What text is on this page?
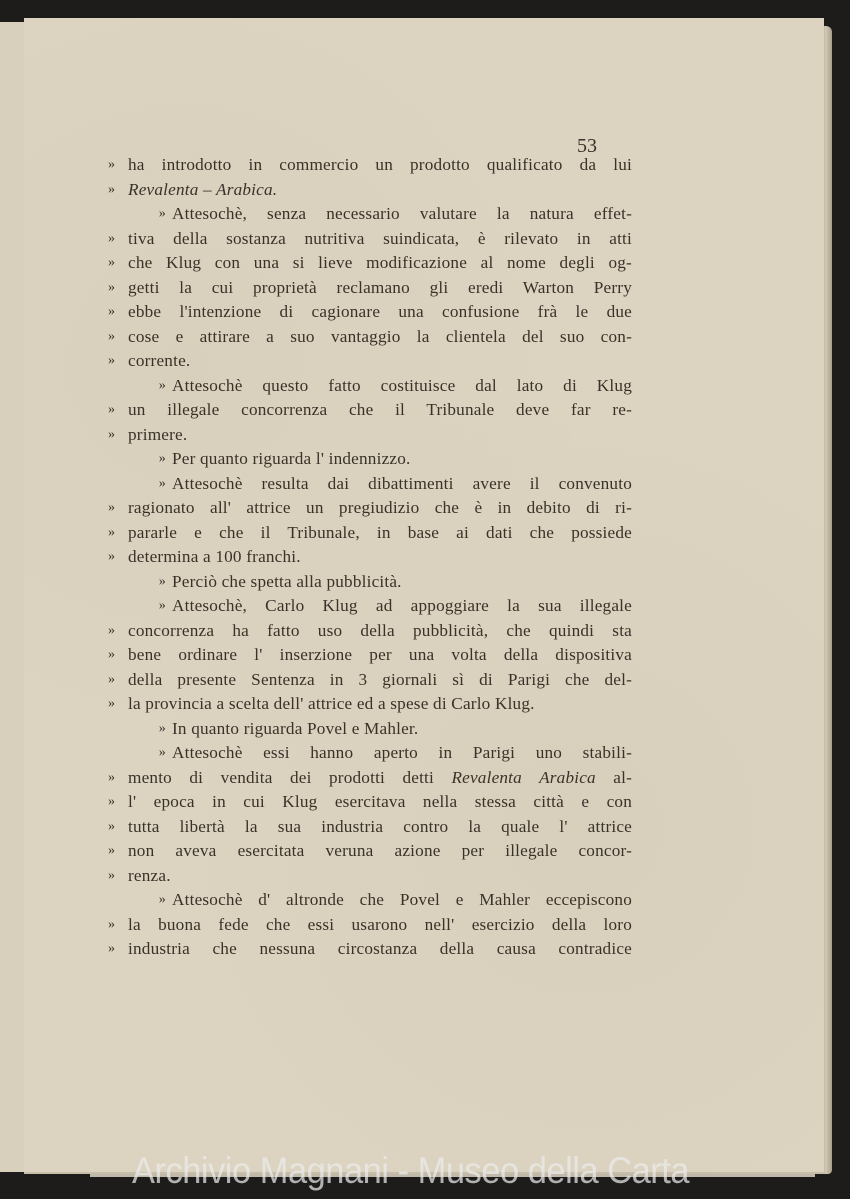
53
» ha introdotto in commercio un prodotto qualificato da lui
» Revalenta – Arabica.
» Attesochè, senza necessario valutare la natura effet-
» tiva della sostanza nutritiva suindicata, è rilevato in atti
» che Klug con una si lieve modificazione al nome degli og-
» getti la cui proprietà reclamano gli eredi Warton Perry
» ebbe l'intenzione di cagionare una confusione frà le due
» cose e attirare a suo vantaggio la clientela del suo con-
» corrente.
» Attesochè questo fatto costituisce dal lato di Klug
» un illegale concorrenza che il Tribunale deve far re-
» primere.
» Per quanto riguarda l' indennizzo.
» Attesochè resulta dai dibattimenti avere il convenuto
» ragionato all' attrice un pregiudizio che è in debito di ri-
» pararle e che il Tribunale, in base ai dati che possiede
» determina a 100 franchi.
» Perciò che spetta alla pubblicità.
» Attesochè, Carlo Klug ad appoggiare la sua illegale
» concorrenza ha fatto uso della pubblicità, che quindi sta
» bene ordinare l' inserzione per una volta della dispositiva
» della presente Sentenza in 3 giornali sì di Parigi che del-
» la provincia a scelta dell' attrice ed a spese di Carlo Klug.
» In quanto riguarda Povel e Mahler.
» Attesochè essi hanno aperto in Parigi uno stabili-
» mento di vendita dei prodotti detti Revalenta Arabica al-
» l' epoca in cui Klug esercitava nella stessa città e con
» tutta libertà la sua industria contro la quale l' attrice
» non aveva esercitata veruna azione per illegale concor-
» renza.
» Attesochè d' altronde che Povel e Mahler eccepiscono
» la buona fede che essi usarono nell' esercizio della loro
» industria che nessuna circostanza della causa contradice
Archivio Magnani - Museo della Carta
